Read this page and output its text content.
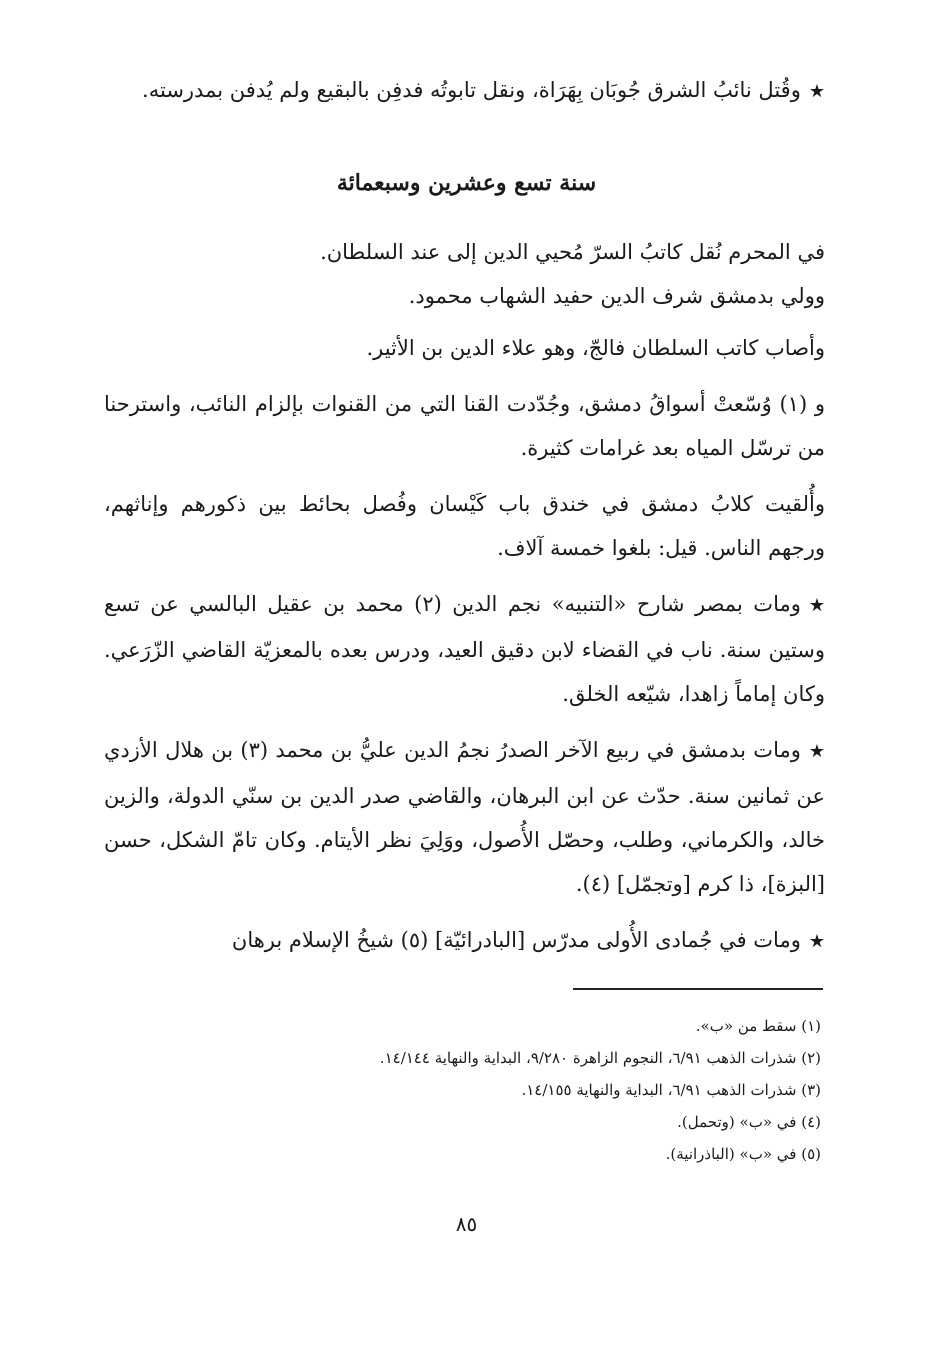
★وقُتل نائبُ الشرق جُوبَان بِهَرَاة، ونقل تابوتُه فدفِن بالبقيع ولم يُدفن بمدرسته.

سنة تسع وعشرين وسبعمائة

في المحرم نُقل كاتبُ السرّ مُحيي الدين إلى عند السلطان.

وولي بدمشق شرف الدين حفيد الشهاب محمود.

وأصاب كاتب السلطان فالجّ، وهو علاء الدين بن الأثير.

و (١) وُسّعتْ أسواقُ دمشق، وجُدّدت القنا التي من القنوات بإلزام النائب، واسترحنا من ترسّل المياه بعد غرامات كثيرة.

وأُلقيت كلابُ دمشق في خندق باب كَيْسان وفُصل بحائط بين ذكورهم وإناثهم، ورجهم الناس. قيل: بلغوا خمسة آلاف.

★ومات بمصر شارح «التنبيه» نجم الدين (٢) محمد بن عقيل البالسي عن تسع وستين سنة. ناب في القضاء لابن دقيق العيد، ودرس بعده بالمعزيّة القاضي الزّرَعي. وكان إماماً زاهدا، شيّعه الخلق.

★ومات بدمشق في ربيع الآخر الصدرُ نجمُ الدين عليُّ بن محمد (٣) بن هلال الأزدي عن ثمانين سنة. حدّث عن ابن البرهان، والقاضي صدر الدين بن سنّي الدولة، والزين خالد، والكرماني، وطلب، وحصّل الأُصول، ووَلِيَ نظر الأيتام. وكان تامّ الشكل، حسن [البزة]، ذا كرم [وتجمّل] (٤).

★ومات في جُمادى الأُولى مدرّس [البادرائيّة] (٥) شيخُ الإسلام برهان

(١) سقط من «ب».

(٢) شذرات الذهب ٦/٩١، النجوم الزاهرة ٩/٢٨٠، البداية والنهاية ١٤/١٤٤.

(٣) شذرات الذهب ٦/٩١، البداية والنهاية ١٤/١٥٥.

(٤) في «ب» (وتحمل).

(٥) في «ب» (الباذرانية).

٨٥
